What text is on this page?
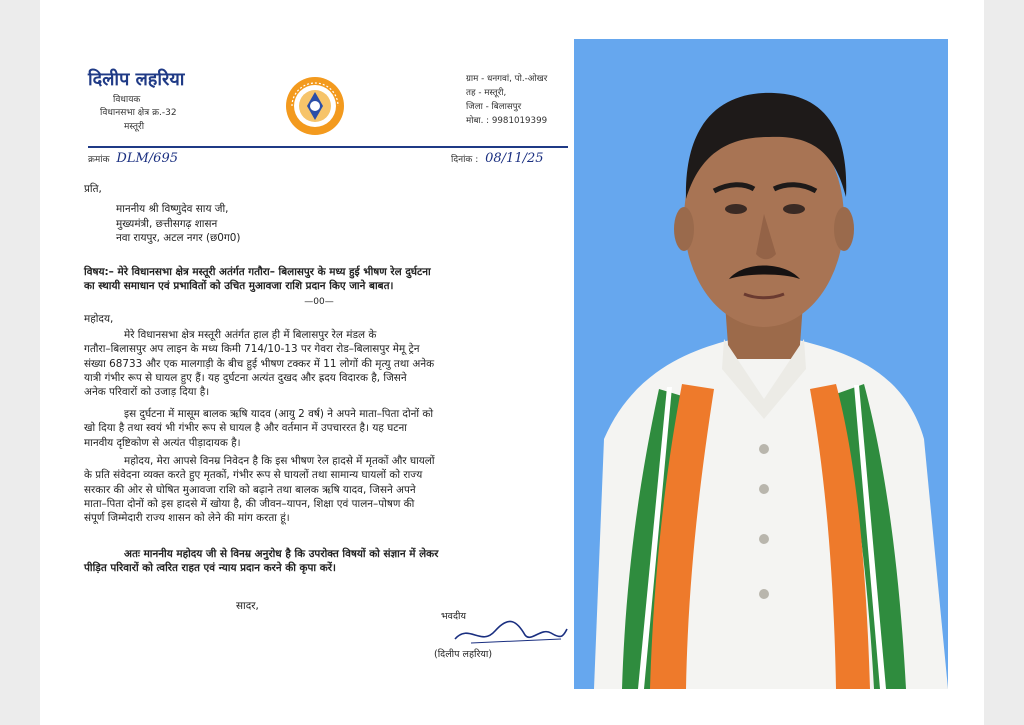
दिलीप लहरिया
विधायक
विधानसभा क्षेत्र क्र.-32
मस्तूरी
ग्राम - धनगवां, पो.-ओखर
तह - मस्तूरी,
जिला - बिलासपुर
मोबा. : 9981019399
क्रमांक DLM/695	दिनांक : 08/11/25
प्रति,
माननीय श्री विष्णुदेव साय जी,
मुख्यमंत्री, छत्तीसगढ़ शासन
नवा रायपुर, अटल नगर (छ0ग0)
विषय:– मेरे विधानसभा क्षेत्र मस्तूरी अतंर्गत गतौरा– बिलासपुर के मध्य हुई भीषण रेल दुर्घटना
का स्थायी समाधान एवं प्रभावितों को उचित मुआवजा राशि प्रदान किए जाने बाबत।
—00—
महोदय,
मेरे विधानसभा क्षेत्र मस्तूरी अतंर्गत हाल ही में बिलासपुर रेल मंडल के
गतौरा–बिलासपुर अप लाइन के मध्य किमी 714/10-13 पर गेवरा रोड–बिलासपुर मेमू ट्रेन
संख्या 68733 और एक मालगाड़ी के बीच हुई भीषण टक्कर में 11 लोगों की मृत्यु तथा अनेक
यात्री गंभीर रूप से घायल हुए हैं। यह दुर्घटना अत्यंत दुखद और ह्रदय विदारक है, जिसने
अनेक परिवारों को उजाड़ दिया है।
इस दुर्घटना में मासूम बालक ऋषि यादव (आयु 2 वर्ष) ने अपने माता–पिता दोनों को
खो दिया है तथा स्वयं भी गंभीर रूप से घायल है और वर्तमान में उपचाररत है। यह घटना
मानवीय दृष्टिकोण से अत्यंत पीड़ादायक है।
महोदय, मेरा आपसे विनम्र निवेदन है कि इस भीषण रेल हादसे में मृतकों और घायलों
के प्रति संवेदना व्यक्त करते हुए मृतकों, गंभीर रूप से घायलों तथा सामान्य घायलों को राज्य
सरकार की ओर से घोषित मुआवजा राशि को बढ़ाने तथा बालक ऋषि यादव, जिसने अपने
माता–पिता दोनों को इस हादसे में खोया है, की जीवन–यापन, शिक्षा एवं पालन–पोषण की
संपूर्ण जिम्मेदारी राज्य शासन को लेने की मांग करता हूं।
अतः माननीय महोदय जी से विनम्र अनुरोध है कि उपरोक्त विषयों को संज्ञान में लेकर
पीड़ित परिवारों को त्वरित राहत एवं न्याय प्रदान करने की कृपा करें।
सादर,
भवदीय
(दिलीप लहरिया)
